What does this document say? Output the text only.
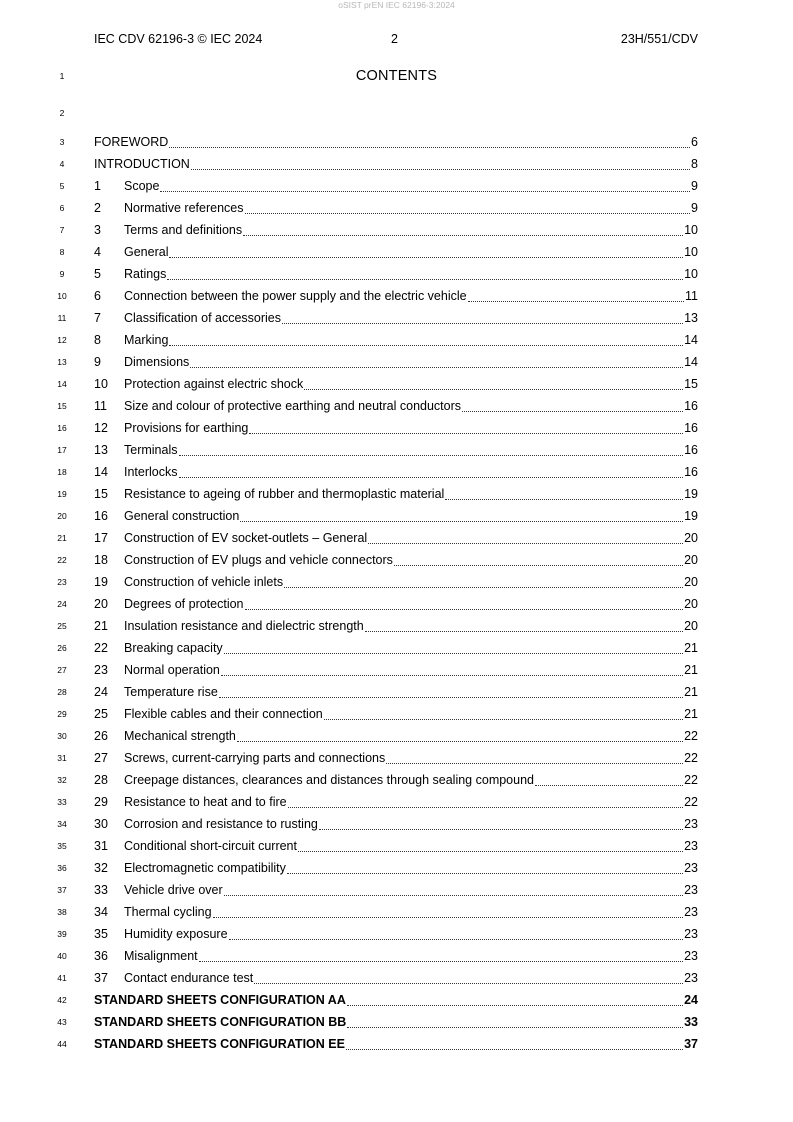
oSIST prEN IEC 62196-3:2024
IEC CDV 62196-3 © IEC 2024	2	23H/551/CDV
1	CONTENTS
2
FOREWORD	6
INTRODUCTION	8
1	Scope	9
2	Normative references	9
3	Terms and definitions	10
4	General	10
5	Ratings	10
6	Connection between the power supply and the electric vehicle	11
7	Classification of accessories	13
8	Marking	14
9	Dimensions	14
10	Protection against electric shock	15
11	Size and colour of protective earthing and neutral conductors	16
12	Provisions for earthing	16
13	Terminals	16
14	Interlocks	16
15	Resistance to ageing of rubber and thermoplastic material	19
16	General construction	19
17	Construction of EV socket-outlets – General	20
18	Construction of EV plugs and vehicle connectors	20
19	Construction of vehicle inlets	20
20	Degrees of protection	20
21	Insulation resistance and dielectric strength	20
22	Breaking capacity	21
23	Normal operation	21
24	Temperature rise	21
25	Flexible cables and their connection	21
26	Mechanical strength	22
27	Screws, current-carrying parts and connections	22
28	Creepage distances, clearances and distances through sealing compound	22
29	Resistance to heat and to fire	22
30	Corrosion and resistance to rusting	23
31	Conditional short-circuit current	23
32	Electromagnetic compatibility	23
33	Vehicle drive over	23
34	Thermal cycling	23
35	Humidity exposure	23
36	Misalignment	23
37	Contact endurance test	23
STANDARD SHEETS CONFIGURATION AA	24
STANDARD SHEETS CONFIGURATION BB	33
STANDARD SHEETS CONFIGURATION EE	37
3
4
5
6
7
8
9
10
11
12
13
14
15
16
17
18
19
20
21
22
23
24
25
26
27
28
29
30
31
32
33
34
35
36
37
38
39
40
41
42
43
44
